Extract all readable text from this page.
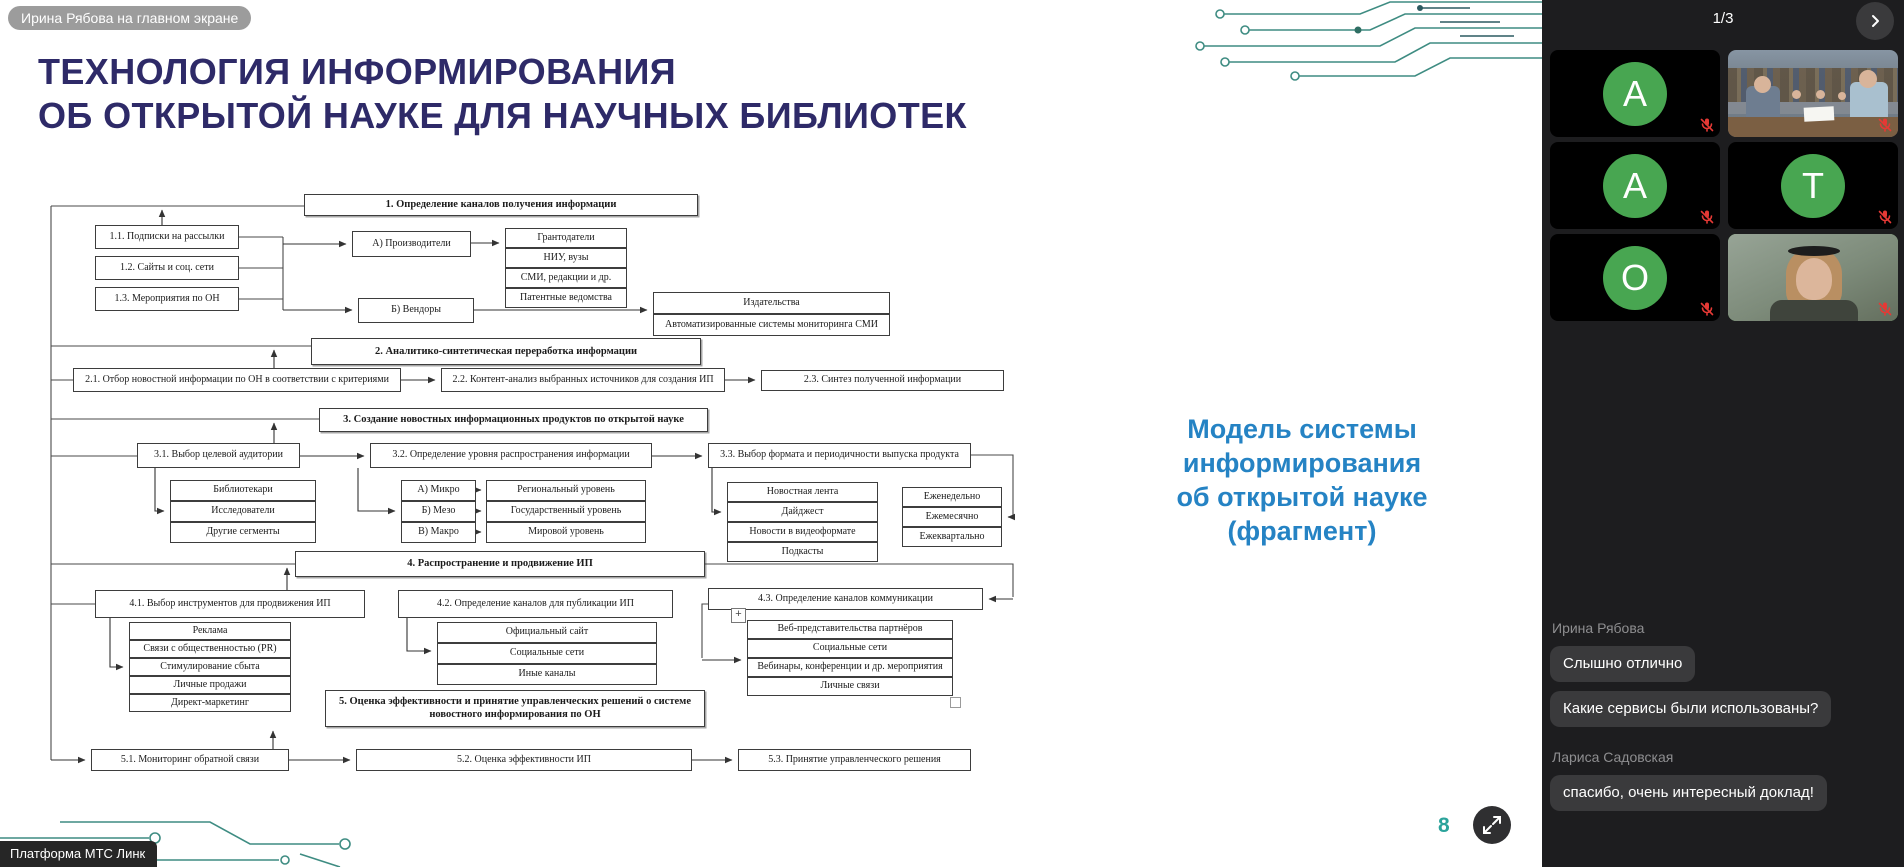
Ирина Рябова на главном экране
ТЕХНОЛОГИЯ ИНФОРМИРОВАНИЯ
ОБ ОТКРЫТОЙ НАУКЕ ДЛЯ НАУЧНЫХ БИБЛИОТЕК
Модель системы
информирования
об открытой науке
(фрагмент)
1. Определение каналов получения информации
1.1. Подписки на рассылки
1.2. Сайты и соц. сети
1.3. Мероприятия по ОН
А) Производители
Грантодатели
НИУ, вузы
СМИ, редакции и др.
Патентные ведомства
Б) Вендоры
Издательства
Автоматизированные системы мониторинга СМИ
2. Аналитико-синтетическая переработка информации
2.1. Отбор новостной информации по ОН в соответствии с критериями	2.2. Контент-анализ выбранных источников для создания ИП	2.3. Синтез полученной информации
3. Создание новостных информационных продуктов по открытой науке
3.1. Выбор целевой аудитории	3.2. Определение уровня распространения информации	3.3. Выбор формата и периодичности выпуска продукта
Библиотекари
Исследователи
Другие сегменты
А) Микро
Б) Мезо
В) Макро
Региональный уровень
Государственный уровень
Мировой уровень
Новостная лента
Дайджест
Новости в видеоформате
Подкасты
Еженедельно
Ежемесячно
Ежеквартально
4. Распространение и продвижение ИП
4.1. Выбор инструментов для продвижения ИП	4.2. Определение каналов для публикации ИП	4.3. Определение каналов коммуникации
Реклама
Связи с общественностью (PR)
Стимулирование сбыта
Личные продажи
Директ-маркетинг
Официальный сайт
Социальные сети
Иные каналы
Веб-представительства партнёров
Социальные сети
Вебинары, конференции и др. мероприятия
Личные связи
5. Оценка эффективности и принятие управленческих решений о системе новостного информирования по ОН
5.1. Мониторинг обратной связи	5.2. Оценка эффективности ИП	5.3. Принятие управленческого решения
+
8
Платформа МТС Линк
1/3
А
А	Т
О
Ирина Рябова
Слышно отлично
Какие сервисы были использованы?
Лариса Садовская
спасибо, очень интересный доклад!
